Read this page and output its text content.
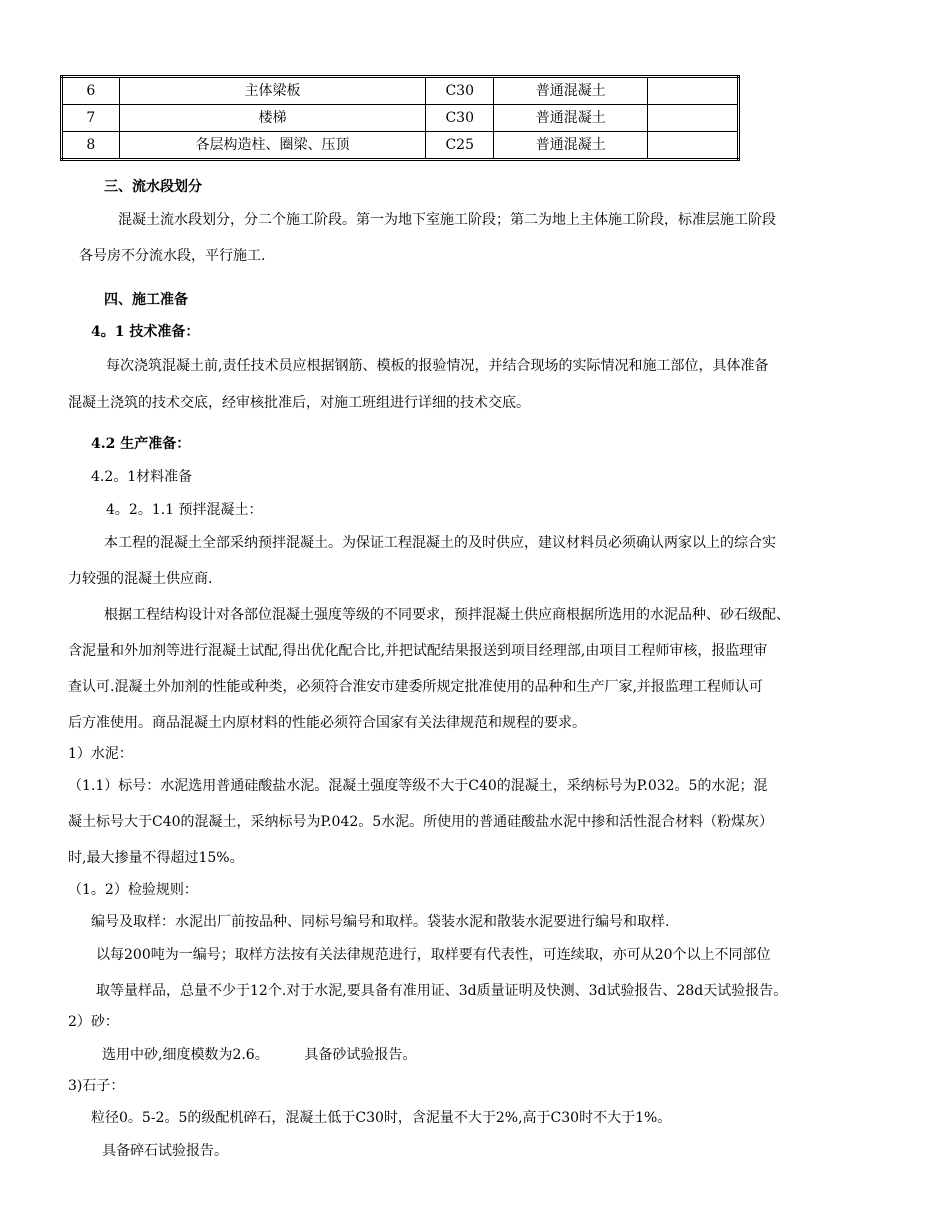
6	主体梁板	C30	普通混凝土	
7	楼梯	C30	普通混凝土	
8	各层构造柱、圈梁、压顶	C25	普通混凝土	
三、流水段划分
混凝土流水段划分，分二个施工阶段。第一为地下室施工阶段；第二为地上主体施工阶段，标准层施工阶段
各号房不分流水段，平行施工.
四、施工准备
4。1 技术准备：
每次浇筑混凝土前,责任技术员应根据钢筋、模板的报验情况，并结合现场的实际情况和施工部位，具体准备
混凝土浇筑的技术交底，经审核批准后，对施工班组进行详细的技术交底。
4.2 生产准备：
4.2。1材料准备
4。2。1.1 预拌混凝土：
本工程的混凝土全部采纳预拌混凝土。为保证工程混凝土的及时供应，建议材料员必须确认两家以上的综合实
力较强的混凝土供应商.
根据工程结构设计对各部位混凝土强度等级的不同要求，预拌混凝土供应商根据所选用的水泥品种、砂石级配、
含泥量和外加剂等进行混凝土试配,得出优化配合比,并把试配结果报送到项目经理部,由项目工程师审核，报监理审
查认可.混凝土外加剂的性能或种类，必须符合淮安市建委所规定批准使用的品种和生产厂家,并报监理工程师认可
后方准使用。商品混凝土内原材料的性能必须符合国家有关法律规范和规程的要求。
1）水泥：
（1.1）标号：水泥选用普通硅酸盐水泥。混凝土强度等级不大于C40的混凝土，采纳标号为P.032。5的水泥；混
凝土标号大于C40的混凝土，采纳标号为P.042。5水泥。所使用的普通硅酸盐水泥中掺和活性混合材料（粉煤灰）
时,最大掺量不得超过15%。
（1。2）检验规则：
编号及取样：水泥出厂前按品种、同标号编号和取样。袋装水泥和散装水泥要进行编号和取样.
以每200吨为一编号；取样方法按有关法律规范进行，取样要有代表性，可连续取，亦可从20个以上不同部位
取等量样品，总量不少于12个.对于水泥,要具备有准用证、3d质量证明及快测、3d试验报告、28d天试验报告。
2）砂：
选用中砂,细度模数为2.6。        具备砂试验报告。
3)石子：
粒径0。5-2。5的级配机碎石，混凝土低于C30时，含泥量不大于2%,高于C30时不大于1%。
具备碎石试验报告。
